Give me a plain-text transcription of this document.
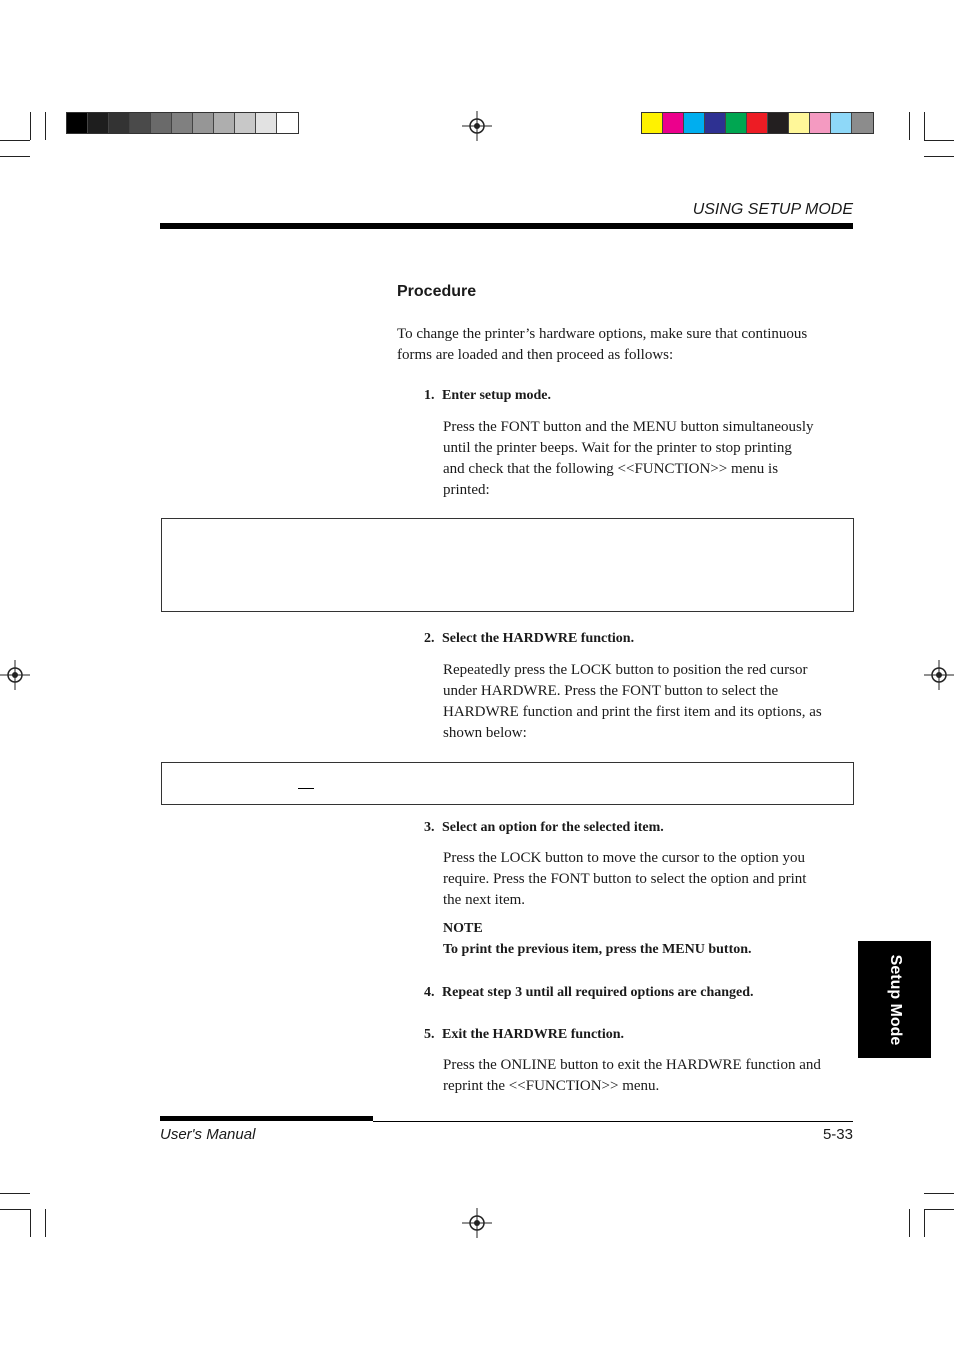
USING SETUP MODE
Procedure
To change the printer’s hardware options, make sure that continuous
forms are loaded and then proceed as follows:
1. Enter setup mode.
Press the FONT button and the MENU button simultaneously
until the printer beeps. Wait for the printer to stop printing
and check that the following <<FUNCTION>> menu is
printed:
2. Select the HARDWRE function.
Repeatedly press the LOCK button to position the red cursor
under HARDWRE. Press the FONT button to select the
HARDWRE function and print the first item and its options, as
shown below:
3. Select an option for the selected item.
Press the LOCK button to move the cursor to the option you
require. Press the FONT button to select the option and print
the next item.
NOTE
To print the previous item, press the MENU button.
4. Repeat step 3 until all required options are changed.
5. Exit the HARDWRE function.
Press the ONLINE button to exit the HARDWRE function and
reprint the <<FUNCTION>> menu.
Setup Mode
User's Manual	5-33
